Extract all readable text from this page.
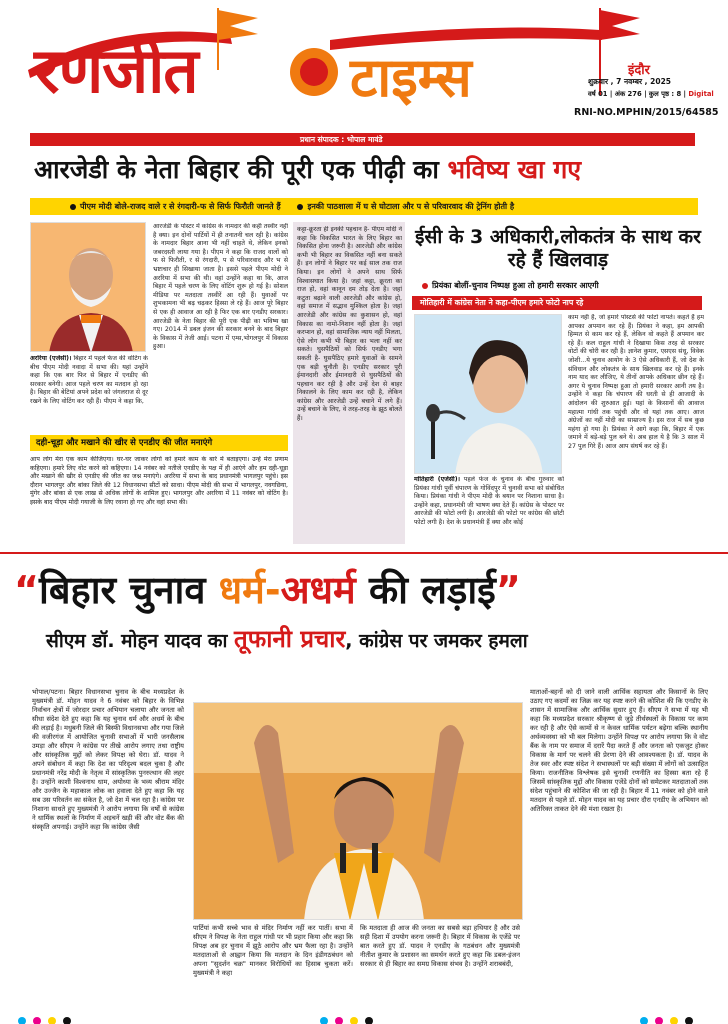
रणजीत	टाइम्स	इंदौर
शुक्रवार , 7 नवम्बर , 2025
वर्ष 01 | अंक 276 | कुल पृष्ठ : 8 | Digital
RNI-NO.MPHIN/2015/64585
प्रधान संपादक : भोपाल मावंडे
आरजेडी के नेता बिहार की पूरी एक पीढ़ी का भविष्य खा गए
पीएम मोदी बोले-राजद वाले र से रंगदारी-फ से सिर्फ फिरौती जानते हैं	इनकी पाठशाला में घ से घोटाला और प से परिवारवाद की ट्रेनिंग होती है
अररिया (एजेंसी)। बिहार में पहले फेज की वोटिंग के बीच पीएम मोदी नवादा में सभा की। यहां उन्होंने कहा कि एक बार फिर से बिहार में एनडीए की सरकार बनेगी। आज पहले चरण का मतदान हो रहा है। बिहार की बेटियां अपने प्रदेश को जंगलराज से दूर रखने के लिए वोटिंग कर रही हैं। पीएम ने कहा कि,
आरजेडी के पोस्टर में कांग्रेस के नामदार की कहीं तस्वीर नहीं है क्या। इन दोनों पार्टियों में ही तनातनी चल रही है। कांग्रेस के नामदार बिहार आना भी नहीं चाहते थे, लेकिन इनको जबरदस्ती लाया गया है। पीएम ने कहा कि राजद वालों को फ से फिरौती, र से रंगदारी, प से परिवारवाद और भ से भ्रष्टाचार ही सिखाया जाता है। इससे पहले पीएम मोदी ने अररिया में सभा की थी। वहां उन्होंने कहा था कि, आज बिहार में पहले चरण के लिए वोटिंग शुरू हो गई है। सोशल मीडिया पर मतदाता तस्वीरें आ रही हैं। युवाओं पर शुभकामना भी बढ़ चढ़कर हिस्सा ले रहे हैं। आज पूरे बिहार से एक ही आवाज आ रही है फिर एक बार एनडीए सरकार। आरजेडी के नेता बिहार की पूरी एक पीढ़ी का भविष्य खा गए। 2014 में डबल इंजन की सरकार बनने के बाद बिहार के विकास में तेजी आई। पटना में एम्स,भोगलपुर में विकास हुआ।
कट्टा-क्रूरता ही इनकी पहचान है- पीएम मोदी ने कहा कि विकसित भारत के लिए बिहार का विकसित होना जरूरी है। आरजेडी और कांग्रेस कभी भी बिहार का विकसित नहीं बना सकते हैं। इन लोगों ने बिहार पर कई साल तक राज किया। इन लोगों ने अपने साथ सिर्फ विश्वासघात किया है। जहां कट्टा, क्रूरता का राज हो, वहां कानून दम तोड़ देता है। जहां कटुता बढ़ाने वाली आरजेडी और कांग्रेस हो, वहां समाज में सद्भाव मुश्किल होता है। जहां आरजेडी और कांग्रेस का कुशासन हो, वहां विकास का नामो-निशान नहीं होता है। जहां करप्शन हो, वहां सामाजिक न्याय नहीं मिलता, ऐसे लोग कभी भी बिहार का भला नहीं कर सकते। घुसपैठियों को सिर्फ एनडीए भगा सकती है- घुसपैठिए हमारे युवाओं के सामने एक बड़ी चुनौती है। एनडीए सरकार पूरी ईमानदारी और ईमानदारी से घुसपैठियों की पहचान कर रही है और उन्हें देश से बाहर निकालने के लिए काम कर रही है, लेकिन कांग्रेस और आरजेडी उन्हें बचाने में लगे हैं। उन्हें बचाने के लिए, वे तरह-तरह के झूठ बोलते हैं।
दही-चूड़ा और मखाने की खीर से एनडीए की जीत मनाएंगे
आप लोग मेरा एक काम कीजिएगा। घर-घर जाकर लोगों को हमारे काम के बारे में बताइएगा। उन्हें मेरा प्रणाम कहिएगा। हमारे लिए वोट करने को कहिएगा। 14 नवंबर को नतीजे एनडीए के पक्ष में ही आएंगे और हम दही-चूड़ा और मखाने की खीर से एनडीए की जीत का जश्न मनाएंगे। अररिया में सभा के बाद प्रधानमंत्री भागलपुर पहुंचे। इस दौरान भागलपुर और बांका जिले की 12 विधानसभा सीटों को साधा। पीएम मोदी की सभा में भागलपुर, नवगछिया, मुंगेर और बांका से एक लाख से अधिक लोगों के शामिल हुए। भागलपुर और अररिया में 11 नवंबर को वोटिंग है। इसके बाद पीएम मोदी गयाजी के लिए रवाना हो गए और वहां सभा की।
ईसी के 3 अधिकारी,लोकतंत्र के साथ कर रहे हैं खिलवाड़
प्रियंका बोलीं-चुनाव निष्पक्ष हुआ तो हमारी सरकार आएगी
मोतिहारी में कांग्रेस नेता ने कहा-पीएम हमारे फोटो नाप रहे
मोतिहारी (एजेंसी)। पहले फेज के चुनाव के बीच गुरुवार को प्रियंका गांधी पूर्वी चंपारण के गोविंदपुर में चुनावी सभा को संबोधित किया। प्रियंका गांधी ने पीएम मोदी के बयान पर निशाना साधा है। उन्होंने कहा, प्रधानमंत्री जी भाषण क्या देते हैं। कांग्रेस के पोस्टर पर आरजेडी की फोटो लगी है। आरजेडी की फोटो पर कांग्रेस की छोटी फोटो लगी है। देश के प्रधानमंत्री हैं क्या और कोई
काम नहीं है, जो हमारे पोस्टर्स की फोटो नापते। कहते हैं हम आपका अपमान कर रहे हैं। प्रियंका ने कहा, हम आपकी हिम्मत से काम कर रहे हैं, लेकिन वो कहते हैं अपमान कर रहे हैं। कल राहुल गांधी ने दिखाया किस तरह से सरकार वोटों की चोरी कर रही है। ज्ञानेश कुमार, एसएस संधू, विवेक जोशी...ये चुनाव आयोग के 3 ऐसे अधिकारी हैं, जो देश के संविधान और लोकतंत्र के साथ खिलवाड़ कर रहे हैं। इनके नाम याद कर लीजिए, ये तीनों आपके अधिकार छीन रहे हैं। अगर ये चुनाव निष्पक्ष हुआ तो हमारी सरकार आनी तय है। उन्होंने ने कहा कि चंपारण की धरती से ही आजादी के आंदोलन की शुरुआत हुई। यहां के किसानों की आवाज महात्मा गांधी तक पहुंची और वो यहां तक आए। आज अंग्रेजों का नहीं मोदी का साम्राज्य है। इस राज में सब कुछ महंगा हो गया है। प्रियंका ने आगे कहा कि, बिहार में एक जमाने में बड़े-बड़े पुल बने थे। अब हाल ये है कि 3 साल में 27 पुल गिरे हैं। आज आप संघर्ष कर रहे हैं।
“बिहार चुनाव धर्म-अधर्म की लड़ाई”
सीएम डॉ. मोहन यादव का तूफानी प्रचार, कांग्रेस पर जमकर हमला
भोपाल/पटना। बिहार विधानसभा चुनाव के बीच मध्यप्रदेश के मुख्यमंत्री डॉ. मोहन यादव ने 6 नवंबर को बिहार के विभिन्न निर्वाचन क्षेत्रों में जोरदार प्रचार अभियान चलाया और जनता को सीधा संदेश देते हुए कहा कि यह चुनाव धर्म और अधर्म के बीच की लड़ाई है। मधुबनी जिले की बिस्फी विधानसभा और गया जिले की वजीरगंज में आयोजित चुनावी सभाओं में भारी जनसैलाब उमड़ा और सीएम ने कांग्रेस पर तीखे आरोप लगाए तथा राष्ट्रीय और सांस्कृतिक मुद्दों को लेकर विपक्ष को घेरा। डॉ. यादव ने अपने संबोधन में कहा कि देश का परिदृश्य बदल चुका है और प्रधानमंत्री नरेंद्र मोदी के नेतृत्व में सांस्कृतिक पुनरुत्थान की लहर है। उन्होंने काशी विश्वनाथ धाम, अयोध्या के भव्य श्रीराम मंदिर और उज्जैन के महाकाल लोक का हवाला देते हुए कहा कि यह सब उस परिवर्तन का संकेत है, जो देश में चल रहा है। कांग्रेस पर निशाना साधते हुए मुख्यमंत्री ने आरोप लगाया कि वर्षों से कांग्रेस ने धार्मिक स्थलों के निर्माण में अड़चनें खड़ी कीं और वोट बैंक की संस्कृति अपनाई। उन्होंने कहा कि कांग्रेस जैसी
पार्टियां कभी सच्चे भाव से मंदिर निर्माण नहीं कर पातीं। सभा में सीएम ने विपक्ष के नेता राहुल गांधी पर भी प्रहार किया और कहा कि विपक्ष अब हर चुनाव में झूठे आरोप और भ्रम फैला रहा है। उन्होंने मतदाताओं से आह्वान किया कि मतदान के दिन इंडीगठबंधन को अपना "सुदर्शन चक्र" मानकर विरोधियों का हिसाब चुकता करें। मुख्यमंत्री ने कहा
कि मतदाता ही आज की जनता का सबसे बड़ा हथियार है और उसे सही दिशा में उपयोग करना जरूरी है। बिहार में विकास के एजेंडे पर बात करते हुए डॉ. यादव ने एनडीए के गठबंधन और मुख्यमंत्री नीतीश कुमार के प्रशासन का समर्थन करते हुए कहा कि डबल-इंजन सरकार से ही बिहार का समग्र विकास संभव है। उन्होंने शराबबंदी,
माताओं-बहनों को दी जाने वाली आर्थिक सहायता और किसानों के लिए उठाए गए कदमों का जिक्र कर यह स्पष्ट करने की कोशिश की कि एनडीए के शासन में सामाजिक और आर्थिक सुधार हुए हैं। सीएम ने सभा में यह भी कहा कि मध्यप्रदेश सरकार श्रीकृष्ण से जुड़े तीर्थस्थलों के विकास पर काम कर रही है और ऐसे कामों से न केवल धार्मिक पर्यटन बढ़ेगा बल्कि स्थानीय अर्थव्यवस्था को भी बल मिलेगा। उन्होंने विपक्ष पर आरोप लगाया कि वे वोट बैंक के नाम पर समाज में दरारें पैदा करते हैं और जनता को एकजुट होकर विकास के मार्ग पर चलने की प्रेरणा देने की आवश्यकता है। डॉ. यादव के तेज स्वर और स्पष्ट संदेश ने सभास्थलों पर बड़ी संख्या में लोगों को उत्साहित किया। राजनीतिक विश्लेषक इसे चुनावी रणनीति का हिस्सा बता रहे हैं जिसमें सांस्कृतिक मुद्दों और विकास एजेंडे दोनों को समेटकर मतदाताओं तक संदेश पहुंचाने की कोशिश की जा रही है। बिहार में 11 नवंबर को होने वाले मतदान से पहले डॉ. मोहन यादव का यह प्रचार दौरा एनडीए के अभियान को अतिरिक्त ताकत देने की मंशा रखता है।
